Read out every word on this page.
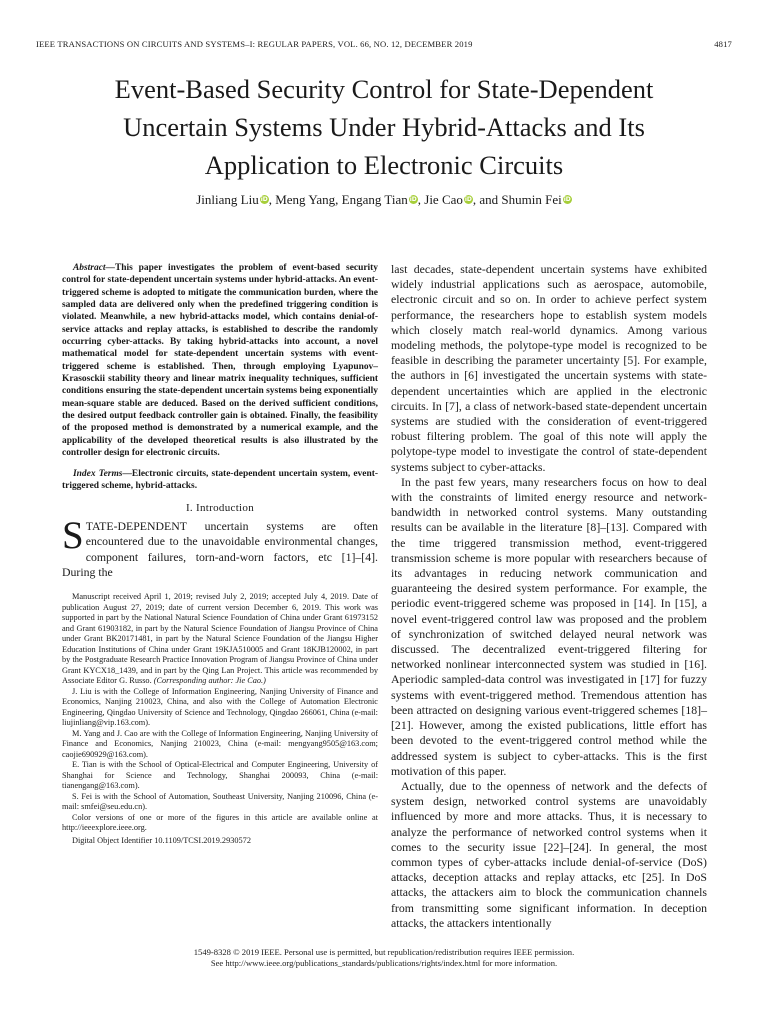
IEEE TRANSACTIONS ON CIRCUITS AND SYSTEMS–I: REGULAR PAPERS, VOL. 66, NO. 12, DECEMBER 2019	4817
Event-Based Security Control for State-Dependent
Uncertain Systems Under Hybrid-Attacks and Its
Application to Electronic Circuits
Jinliang Liu iD, Meng Yang, Engang Tian iD, Jie Cao iD, and Shumin Fei iD

Abstract—This paper investigates the problem of event-based security control for state-dependent uncertain systems under hybrid-attacks. An event-triggered scheme is adopted to mitigate the communication burden, where the sampled data are delivered only when the predefined triggering condition is violated. Meanwhile, a new hybrid-attacks model, which contains denial-of-service attacks and replay attacks, is established to describe the randomly occurring cyber-attacks. By taking hybrid-attacks into account, a novel mathematical model for state-dependent uncertain systems with event-triggered scheme is established. Then, through employing Lyapunov–Krasosckii stability theory and linear matrix inequality techniques, sufficient conditions ensuring the state-dependent uncertain systems being exponentially mean-square stable are deduced. Based on the derived sufficient conditions, the desired output feedback controller gain is obtained. Finally, the feasibility of the proposed method is demonstrated by a numerical example, and the applicability of the developed theoretical results is also illustrated by the controller design for electronic circuits.

Index Terms—Electronic circuits, state-dependent uncertain system, event-triggered scheme, hybrid-attacks.

I. Introduction

STATE-DEPENDENT uncertain systems are often encountered due to the unavoidable environmental changes, component failures, torn-and-worn factors, etc [1]–[4]. During the

Manuscript received April 1, 2019; revised July 2, 2019; accepted July 4, 2019. Date of publication August 27, 2019; date of current version December 6, 2019. This work was supported in part by the National Natural Science Foundation of China under Grant 61973152 and Grant 61903182, in part by the Natural Science Foundation of Jiangsu Province of China under Grant BK20171481, in part by the Natural Science Foundation of the Jiangsu Higher Education Institutions of China under Grant 19KJA510005 and Grant 18KJB120002, in part by the Postgraduate Research Practice Innovation Program of Jiangsu Province of China under Grant KYCX18_1439, and in part by the Qing Lan Project. This article was recommended by Associate Editor G. Russo. (Corresponding author: Jie Cao.)

J. Liu is with the College of Information Engineering, Nanjing University of Finance and Economics, Nanjing 210023, China, and also with the College of Automation Electronic Engineering, Qingdao University of Science and Technology, Qingdao 266061, China (e-mail: liujinliang@vip.163.com).

M. Yang and J. Cao are with the College of Information Engineering, Nanjing University of Finance and Economics, Nanjing 210023, China (e-mail: mengyang9505@163.com; caojie690929@163.com).

E. Tian is with the School of Optical-Electrical and Computer Engineering, University of Shanghai for Science and Technology, Shanghai 200093, China (e-mail: tianengang@163.com).

S. Fei is with the School of Automation, Southeast University, Nanjing 210096, China (e-mail: smfei@seu.edu.cn).

Color versions of one or more of the figures in this article are available online at http://ieeexplore.ieee.org.

Digital Object Identifier 10.1109/TCSI.2019.2930572

last decades, state-dependent uncertain systems have exhibited widely industrial applications such as aerospace, automobile, electronic circuit and so on. In order to achieve perfect system performance, the researchers hope to establish system models which closely match real-world dynamics. Among various modeling methods, the polytope-type model is recognized to be feasible in describing the parameter uncertainty [5]. For example, the authors in [6] investigated the uncertain systems with state-dependent uncertainties which are applied in the electronic circuits. In [7], a class of network-based state-dependent uncertain systems are studied with the consideration of event-triggered robust filtering problem. The goal of this note will apply the polytope-type model to investigate the control of state-dependent systems subject to cyber-attacks.

In the past few years, many researchers focus on how to deal with the constraints of limited energy resource and network-bandwidth in networked control systems. Many outstanding results can be available in the literature [8]–[13]. Compared with the time triggered transmission method, event-triggered transmission scheme is more popular with researchers because of its advantages in reducing network communication and guaranteeing the desired system performance. For example, the periodic event-triggered scheme was proposed in [14]. In [15], a novel event-triggered control law was proposed and the problem of synchronization of switched delayed neural network was discussed. The decentralized event-triggered filtering for networked nonlinear interconnected system was studied in [16]. Aperiodic sampled-data control was investigated in [17] for fuzzy systems with event-triggered method. Tremendous attention has been attracted on designing various event-triggered schemes [18]–[21]. However, among the existed publications, little effort has been devoted to the event-triggered control method while the addressed system is subject to cyber-attacks. This is the first motivation of this paper.

Actually, due to the openness of network and the defects of system design, networked control systems are unavoidably influenced by more and more attacks. Thus, it is necessary to analyze the performance of networked control systems when it comes to the security issue [22]–[24]. In general, the most common types of cyber-attacks include denial-of-service (DoS) attacks, deception attacks and replay attacks, etc [25]. In DoS attacks, the attackers aim to block the communication channels from transmitting some significant information. In deception attacks, the attackers intentionally

1549-8328 © 2019 IEEE. Personal use is permitted, but republication/redistribution requires IEEE permission.
See http://www.ieee.org/publications_standards/publications/rights/index.html for more information.
